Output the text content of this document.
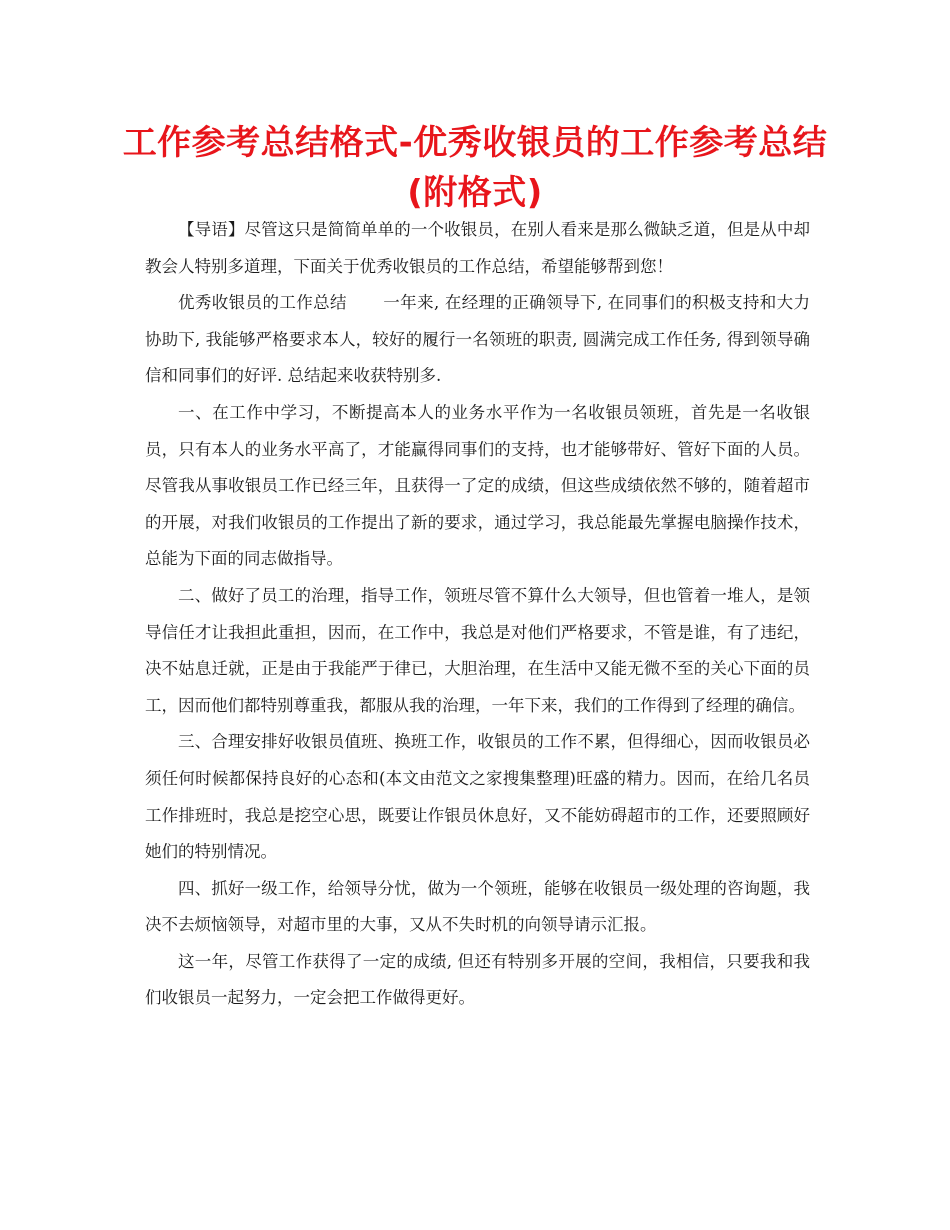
工作参考总结格式-优秀收银员的工作参考总结(附格式)

【导语】尽管这只是简简单单的一个收银员，在别人看来是那么微缺乏道，但是从中却教会人特别多道理，下面关于优秀收银员的工作总结，希望能够帮到您！

优秀收银员的工作总结 一年来, 在经理的正确领导下, 在同事们的积极支持和大力协助下, 我能够严格要求本人，较好的履行一名领班的职责, 圆满完成工作任务, 得到领导确信和同事们的好评. 总结起来收获特别多.

一、在工作中学习，不断提高本人的业务水平作为一名收银员领班，首先是一名收银员，只有本人的业务水平高了，才能赢得同事们的支持，也才能够带好、管好下面的人员。尽管我从事收银员工作已经三年，且获得一了定的成绩，但这些成绩依然不够的，随着超市的开展，对我们收银员的工作提出了新的要求，通过学习，我总能最先掌握电脑操作技术，总能为下面的同志做指导。

二、做好了员工的治理，指导工作，领班尽管不算什么大领导，但也管着一堆人，是领导信任才让我担此重担，因而，在工作中，我总是对他们严格要求，不管是谁，有了违纪，决不姑息迁就，正是由于我能严于律已，大胆治理，在生活中又能无微不至的关心下面的员工，因而他们都特别尊重我，都服从我的治理，一年下来，我们的工作得到了经理的确信。

三、合理安排好收银员值班、换班工作，收银员的工作不累，但得细心，因而收银员必须任何时候都保持良好的心态和(本文由范文之家搜集整理)旺盛的精力。因而，在给几名员工作排班时，我总是挖空心思，既要让作银员休息好，又不能妨碍超市的工作，还要照顾好她们的特别情况。

四、抓好一级工作，给领导分忧，做为一个领班，能够在收银员一级处理的咨询题，我决不去烦恼领导，对超市里的大事，又从不失时机的向领导请示汇报。

这一年，尽管工作获得了一定的成绩, 但还有特别多开展的空间，我相信，只要我和我们收银员一起努力，一定会把工作做得更好。
